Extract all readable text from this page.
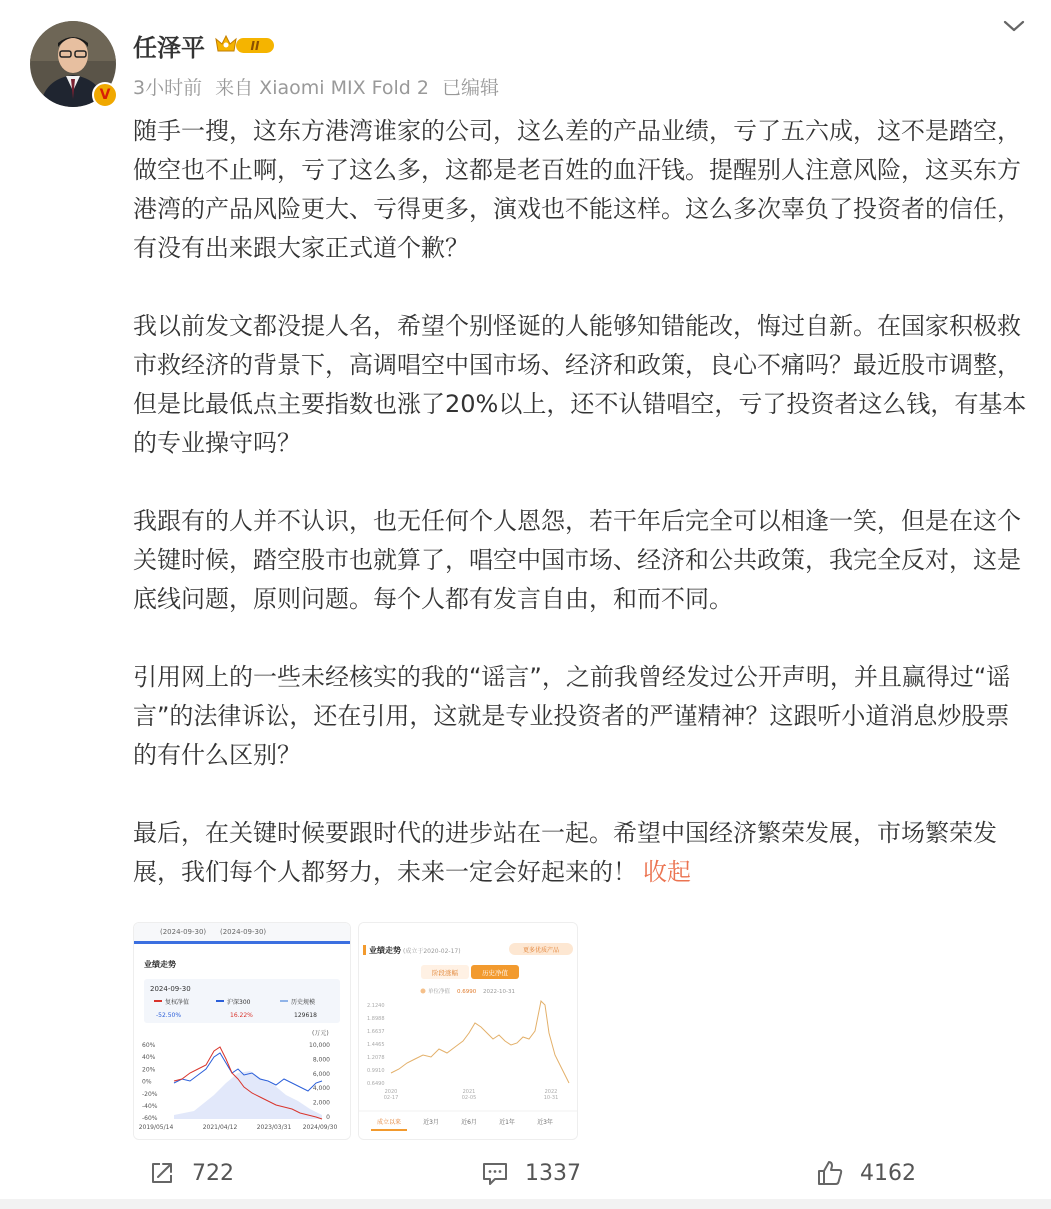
V
任泽平	II
3小时前 来自 Xiaomi MIX Fold 2 已编辑

随手一搜，这东方港湾谁家的公司，这么差的产品业绩，亏了五六成，这不是踏空，做空也不止啊，亏了这么多，这都是老百姓的血汗钱。提醒别人注意风险，这买东方港湾的产品风险更大、亏得更多，演戏也不能这样。这么多次辜负了投资者的信任，有没有出来跟大家正式道个歉？

我以前发文都没提人名，希望个别怪诞的人能够知错能改，悔过自新。在国家积极救市救经济的背景下，高调唱空中国市场、经济和政策，良心不痛吗？最近股市调整，但是比最低点主要指数也涨了20%以上，还不认错唱空，亏了投资者这么钱，有基本的专业操守吗？

我跟有的人并不认识，也无任何个人恩怨，若干年后完全可以相逢一笑，但是在这个关键时候，踏空股市也就算了，唱空中国市场、经济和公共政策，我完全反对，这是底线问题，原则问题。每个人都有发言自由，和而不同。

引用网上的一些未经核实的我的“谣言”，之前我曾经发过公开声明，并且赢得过“谣言”的法律诉讼，还在引用，这就是专业投资者的严谨精神？这跟听小道消息炒股票的有什么区别？

最后，在关键时候要跟时代的进步站在一起。希望中国经济繁荣发展，市场繁荣发展，我们每个人都努力，未来一定会好起来的！ 收起

(2024-09-30) (2024-09-30)
业绩走势
2024-09-30
复权净值
-52.50%
沪深300
16.22%
历史规模
129618
(万元)
60%
40%
20%
0%
-20%
-40%
-60%
10,000
8,000
6,000
4,000
2,000
0
2019/05/14	2021/04/12	2023/03/31 2024/09/30
业绩走势 (成立于2020-02-17)	更多优质产品
阶段涨幅	历史净值
单位净值 0.6990 2022-10-31
2.1240
1.8988
1.6637
1.4465
1.2078
0.9910
0.6490
2020
02-17
2021
02-05
2022
10-31
成立以来	近3月	近6月	近1年	近3年
722	1337	4162
